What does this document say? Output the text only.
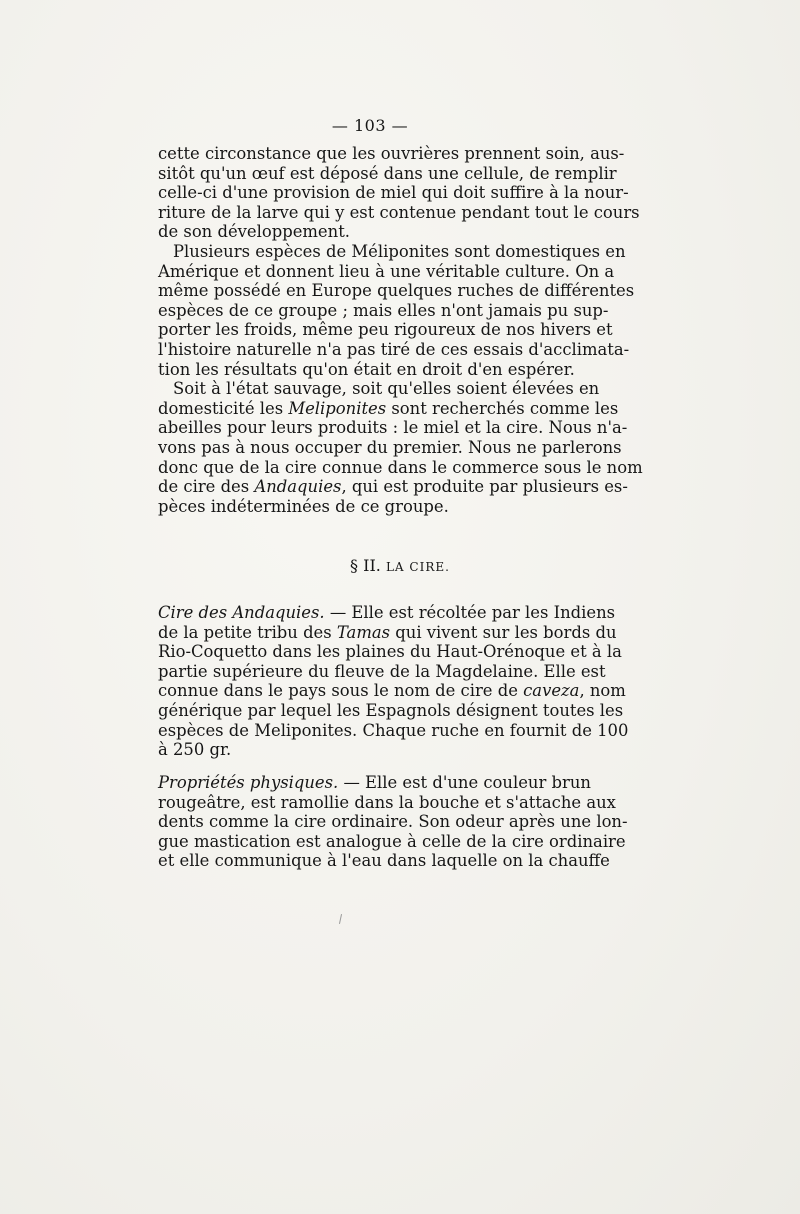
— 103 —

cette circonstance que les ouvrières prennent soin, aus-
sitôt qu'un œuf est déposé dans une cellule, de remplir
celle-ci d'une provision de miel qui doit suffire à la nour-
riture de la larve qui y est contenue pendant tout le cours
de son développement.

Plusieurs espèces de Méliponites sont domestiques en
Amérique et donnent lieu à une véritable culture. On a
même possédé en Europe quelques ruches de différentes
espèces de ce groupe ; mais elles n'ont jamais pu sup-
porter les froids, même peu rigoureux de nos hivers et
l'histoire naturelle n'a pas tiré de ces essais d'acclimata-
tion les résultats qu'on était en droit d'en espérer.

Soit à l'état sauvage, soit qu'elles soient élevées en
domesticité les Meliponites sont recherchés comme les
abeilles pour leurs produits : le miel et la cire. Nous n'a-
vons pas à nous occuper du premier. Nous ne parlerons
donc que de la cire connue dans le commerce sous le nom
de cire des Andaquies, qui est produite par plusieurs es-
pèces indéterminées de ce groupe.

§ II. LA CIRE.

Cire des Andaquies. — Elle est récoltée par les Indiens
de la petite tribu des Tamas qui vivent sur les bords du
Rio-Coquetto dans les plaines du Haut-Orénoque et à la
partie supérieure du fleuve de la Magdelaine. Elle est
connue dans le pays sous le nom de cire de caveza, nom
générique par lequel les Espagnols désignent toutes les
espèces de Meliponites. Chaque ruche en fournit de 100
à 250 gr.

Propriétés physiques. — Elle est d'une couleur brun
rougeâtre, est ramollie dans la bouche et s'attache aux
dents comme la cire ordinaire. Son odeur après une lon-
gue mastication est analogue à celle de la cire ordinaire
et elle communique à l'eau dans laquelle on la chauffe
